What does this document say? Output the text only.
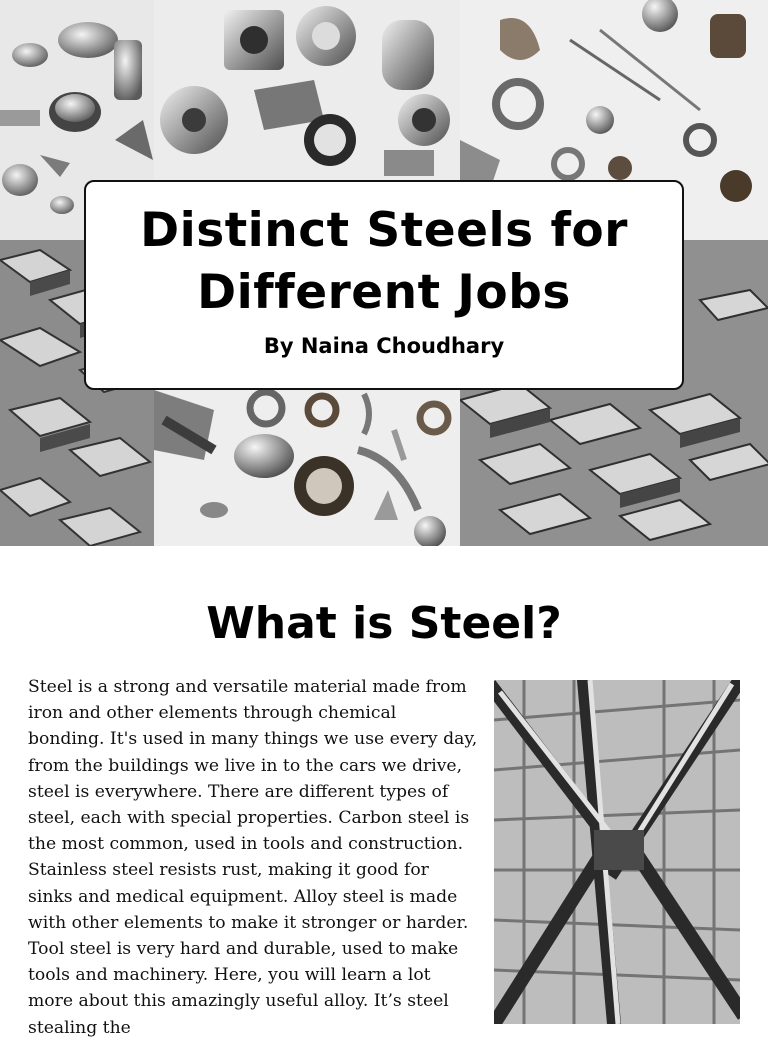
Distinct Steels for Different Jobs
By Naina Choudhary
What is Steel?

Steel is a strong and versatile material made from iron and other elements through chemical bonding. It's used in many things we use every day, from the buildings we live in to the cars we drive, steel is everywhere. There are different types of steel, each with special properties. Carbon steel is the most common, used in tools and construction. Stainless steel resists rust, making it good for sinks and medical equipment. Alloy steel is made with other elements to make it stronger or harder. Tool steel is very hard and durable, used to make tools and machinery. Here, you will learn a lot more about this amazingly useful alloy. It’s steel stealing the
